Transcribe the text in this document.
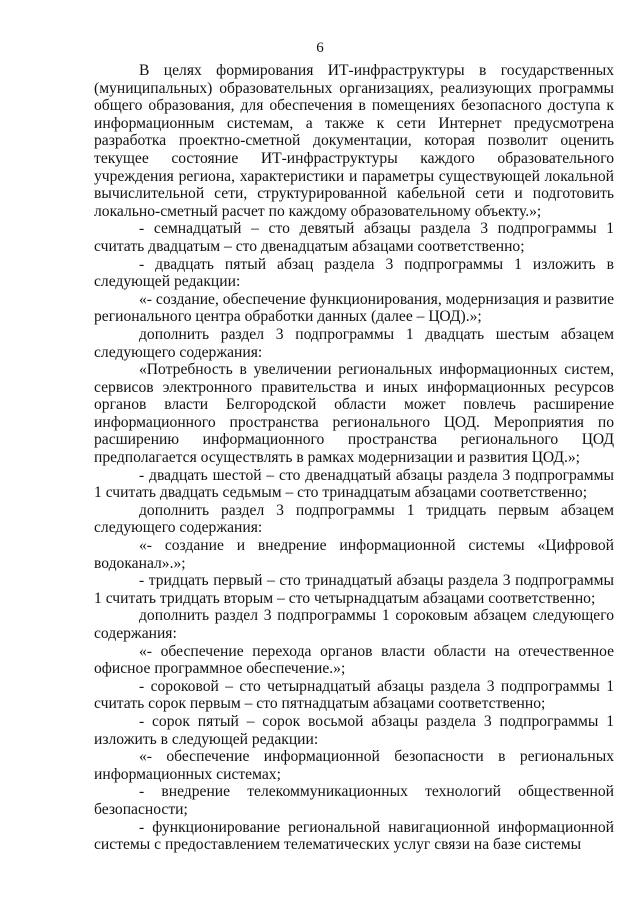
6

В целях формирования ИТ-инфраструктуры в государственных (муниципальных) образовательных организациях, реализующих программы общего образования, для обеспечения в помещениях безопасного доступа к информационным системам, а также к сети Интернет предусмотрена разработка проектно-сметной документации, которая позволит оценить текущее состояние ИТ-инфраструктуры каждого образовательного учреждения региона, характеристики и параметры существующей локальной вычислительной сети, структурированной кабельной сети и подготовить локально-сметный расчет по каждому образовательному объекту.»;

- семнадцатый – сто девятый абзацы раздела 3 подпрограммы 1 считать двадцатым – сто двенадцатым абзацами соответственно;

- двадцать пятый абзац раздела 3 подпрограммы 1 изложить в следующей редакции:

«- создание, обеспечение функционирования, модернизация и развитие регионального центра обработки данных (далее – ЦОД).»;

дополнить раздел 3 подпрограммы 1 двадцать шестым абзацем следующего содержания:

«Потребность в увеличении региональных информационных систем, сервисов электронного правительства и иных информационных ресурсов органов власти Белгородской области может повлечь расширение информационного пространства регионального ЦОД. Мероприятия по расширению информационного пространства регионального ЦОД предполагается осуществлять в рамках модернизации и развития ЦОД.»;

- двадцать шестой – сто двенадцатый абзацы раздела 3 подпрограммы 1 считать двадцать седьмым – сто тринадцатым абзацами соответственно;

дополнить раздел 3 подпрограммы 1 тридцать первым абзацем следующего содержания:

«- создание и внедрение информационной системы «Цифровой водоканал».»;

- тридцать первый – сто тринадцатый абзацы раздела 3 подпрограммы 1 считать тридцать вторым – сто четырнадцатым абзацами соответственно;

дополнить раздел 3 подпрограммы 1 сороковым абзацем следующего содержания:

«- обеспечение перехода органов власти области на отечественное офисное программное обеспечение.»;

- сороковой – сто четырнадцатый абзацы раздела 3 подпрограммы 1 считать сорок первым – сто пятнадцатым абзацами соответственно;

- сорок пятый – сорок восьмой абзацы раздела 3 подпрограммы 1 изложить в следующей редакции:

«- обеспечение информационной безопасности в региональных информационных системах;

- внедрение телекоммуникационных технологий общественной безопасности;

- функционирование региональной навигационной информационной системы с предоставлением телематических услуг связи на базе системы
